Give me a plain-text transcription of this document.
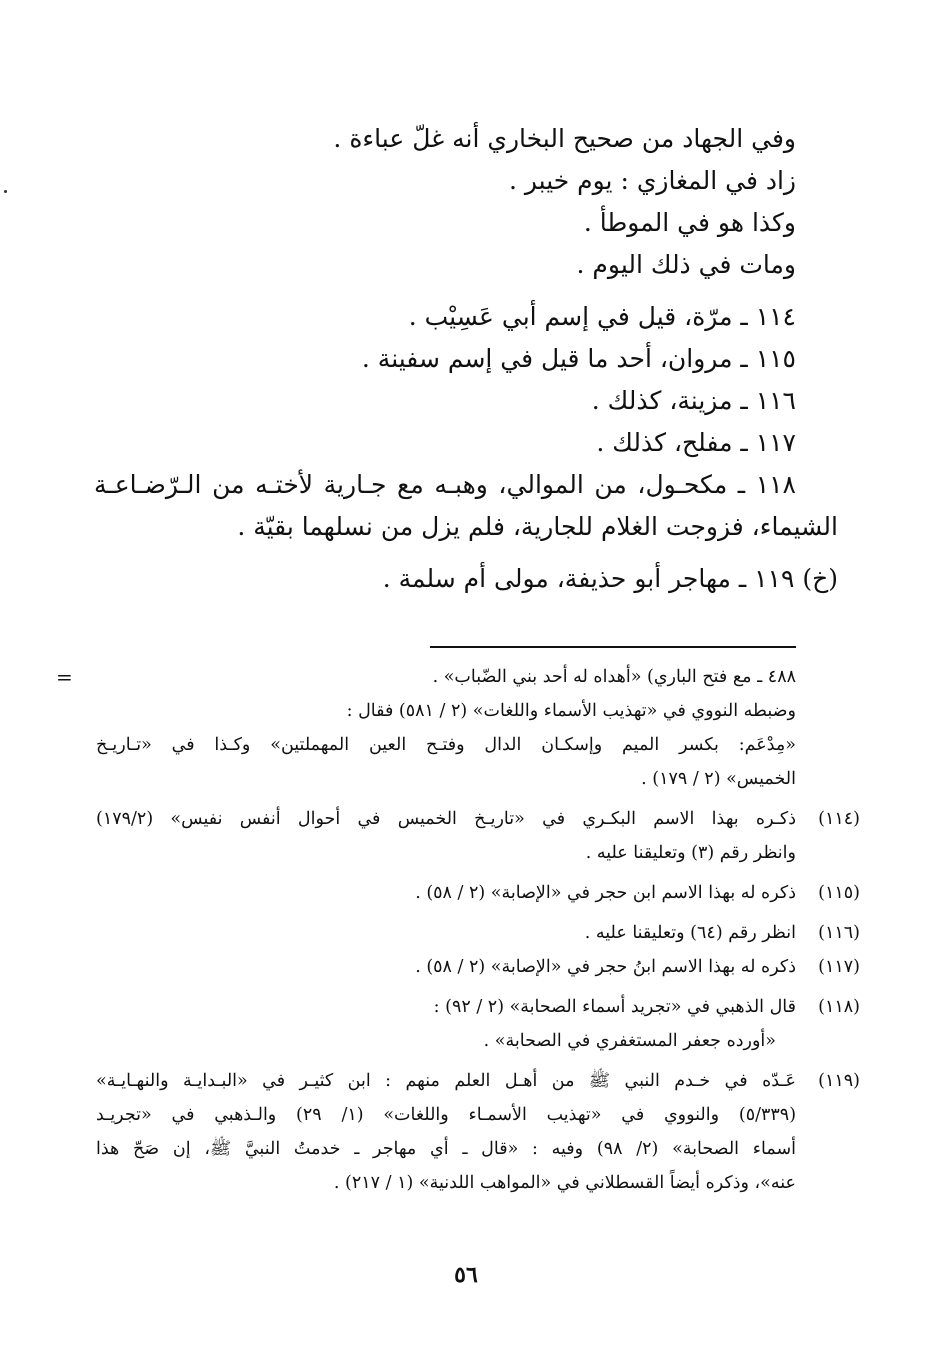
وفي الجهاد من صحيح البخاري أنه غلّ عباءة .
زاد في المغازي : يوم خيبر .
وكذا هو في الموطأ .
ومات في ذلك اليوم .
١١٤ ـ مرّة، قيل في إسم أبي عَسِيْب .
١١٥ ـ مروان، أحد ما قيل في إسم سفينة .
١١٦ ـ مزينة، كذلك .
١١٧ ـ مفلح، كذلك .
١١٨ ـ مكحـول، من الموالي، وهبـه مع جـارية لأختـه من الـرّضـاعـة
الشيماء، فزوجت الغلام للجارية، فلم يزل من نسلهما بقيّة .
(خ) ١١٩ ـ مهاجر أبو حذيفة، مولى أم سلمة .
=	٤٨٨ ـ مع فتح الباري) «أهداه له أحد بني الضّباب» .
وضبطه النووي في «تهذيب الأسماء واللغات» (٢ / ٥٨١) فقال :
«مِدْعَم: بكسر الميم وإسكـان الدال وفتـح العين المهملتين» وكـذا في «تـاريـخ
الخميس» (٢ / ١٧٩) .
(١١٤)
ذكـره بهذا الاسم البكـري في «تاريـخ الخميس في أحوال أنفس نفيس» (١٧٩/٢)
وانظر رقم (٣) وتعليقنا عليه .
(١١٥)
ذكره له بهذا الاسم ابن حجر في «الإصابة» (٢ / ٥٨) .
(١١٦)
انظر رقم (٦٤) وتعليقنا عليه .
(١١٧)
ذكره له بهذا الاسم ابنُ حجر في «الإصابة» (٢ / ٥٨) .
(١١٨)
قال الذهبي في «تجريد أسماء الصحابة» (٢ / ٩٢) :
«أورده جعفر المستغفري في الصحابة» .
(١١٩)
عَـدّه في خـدم النبي ﷺ من أهـل العلم منهم : ابن كثيـر في «البـدايـة والنهـايـة»
(٥/٣٣٩) والنووي في «تهذيب الأسمـاء واللغات» (١/ ٢٩) والـذهبي في «تجريـد
أسماء الصحابة» (٢/ ٩٨) وفيه : «قال ـ أي مهاجر ـ خدمتُ النبيَّ ﷺ، إن صَحّ هذا
عنه»، وذكره أيضاً القسطلاني في «المواهب اللدنية» (١ / ٢١٧) .
٥٦
